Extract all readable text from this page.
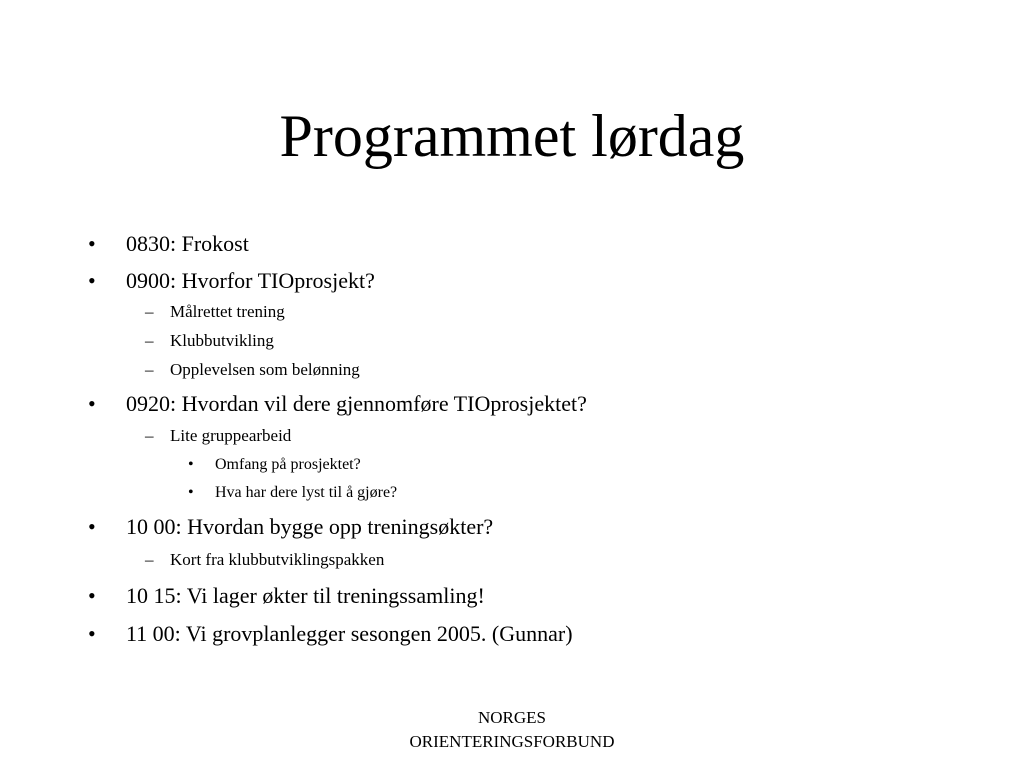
Programmet lørdag
• 0830: Frokost
• 0900: Hvorfor TIOprosjekt?
– Målrettet trening
– Klubbutvikling
– Opplevelsen som belønning
• 0920: Hvordan vil dere gjennomføre TIOprosjektet?
– Lite gruppearbeid
• Omfang på prosjektet?
• Hva har dere lyst til å gjøre?
• 10 00: Hvordan bygge opp treningsøkter?
– Kort fra klubbutviklingspakken
• 10 15: Vi lager økter til treningssamling!
• 11 00: Vi grovplanlegger sesongen 2005. (Gunnar)
NORGES
ORIENTERINGSFORBUND
